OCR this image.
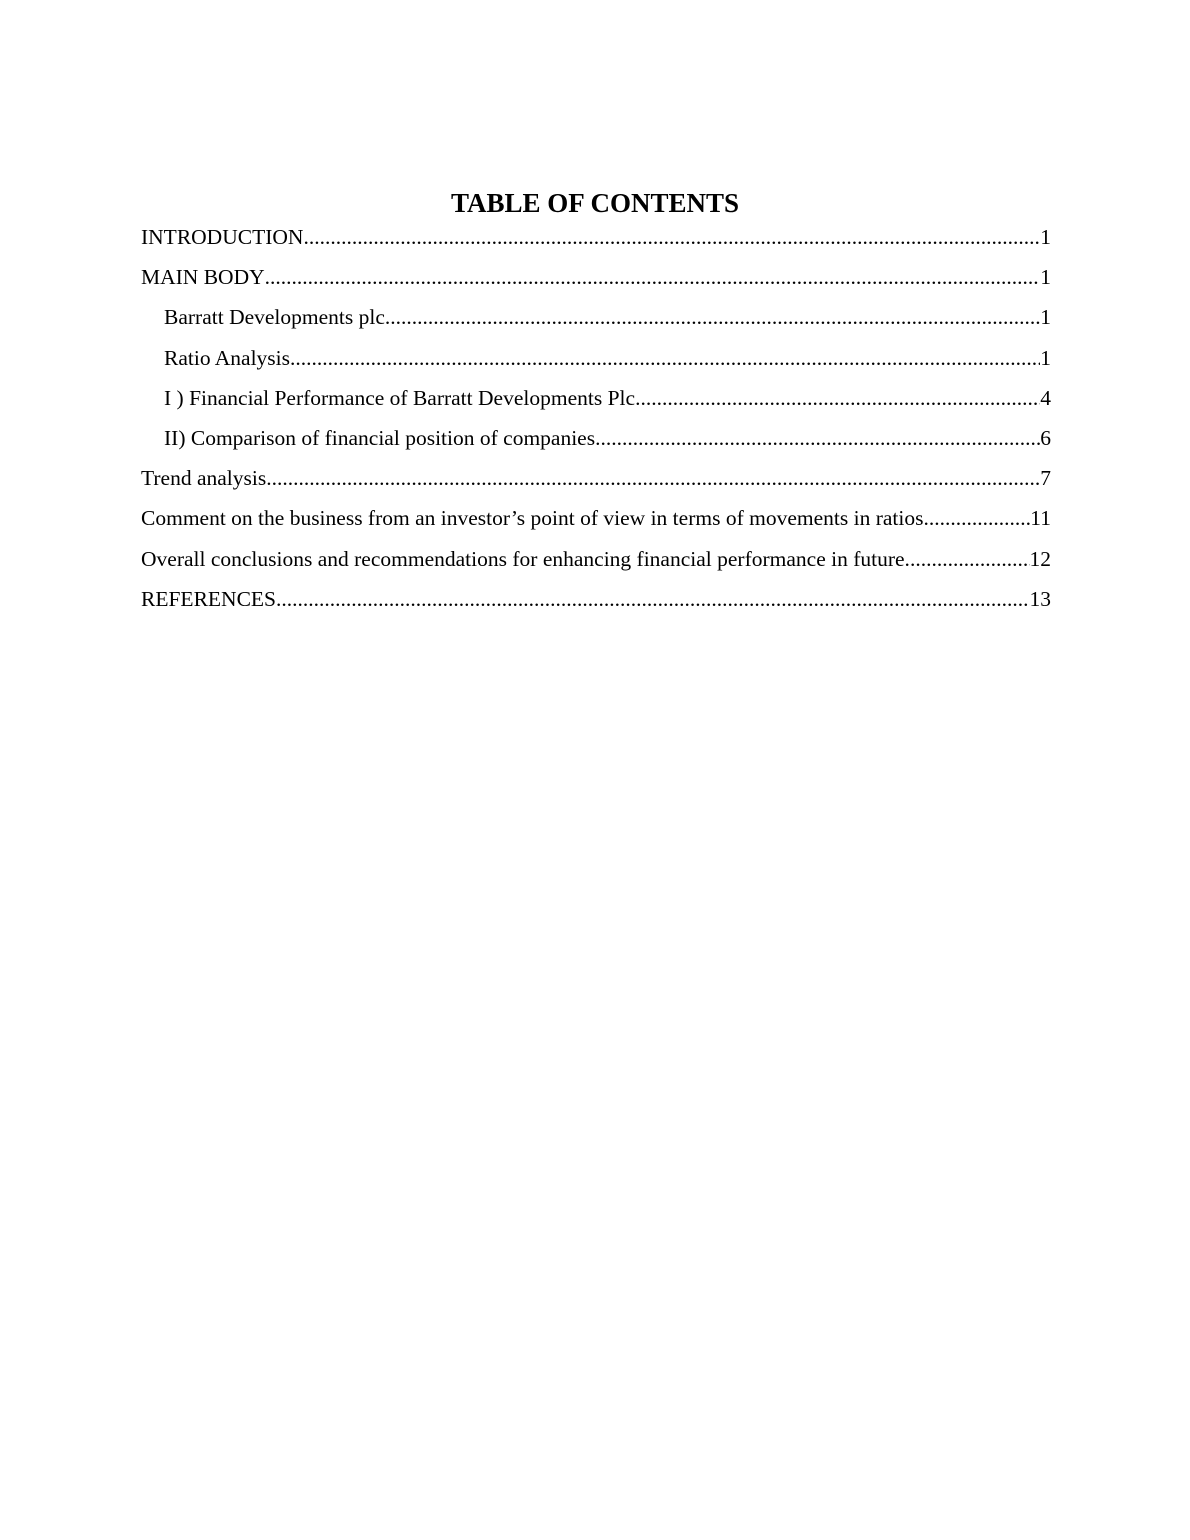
TABLE OF CONTENTS
INTRODUCTION .....	1
MAIN BODY .....	1
Barratt Developments plc .....	1
Ratio Analysis .....	1
I ) Financial Performance of Barratt Developments Plc .....	4
II) Comparison of financial position of companies .....	6
Trend analysis .....	7
Comment on the business from an investor’s point of view in terms of movements in ratios .....	11
Overall conclusions and recommendations for enhancing financial performance in future. .....	12
REFERENCES .....	13
